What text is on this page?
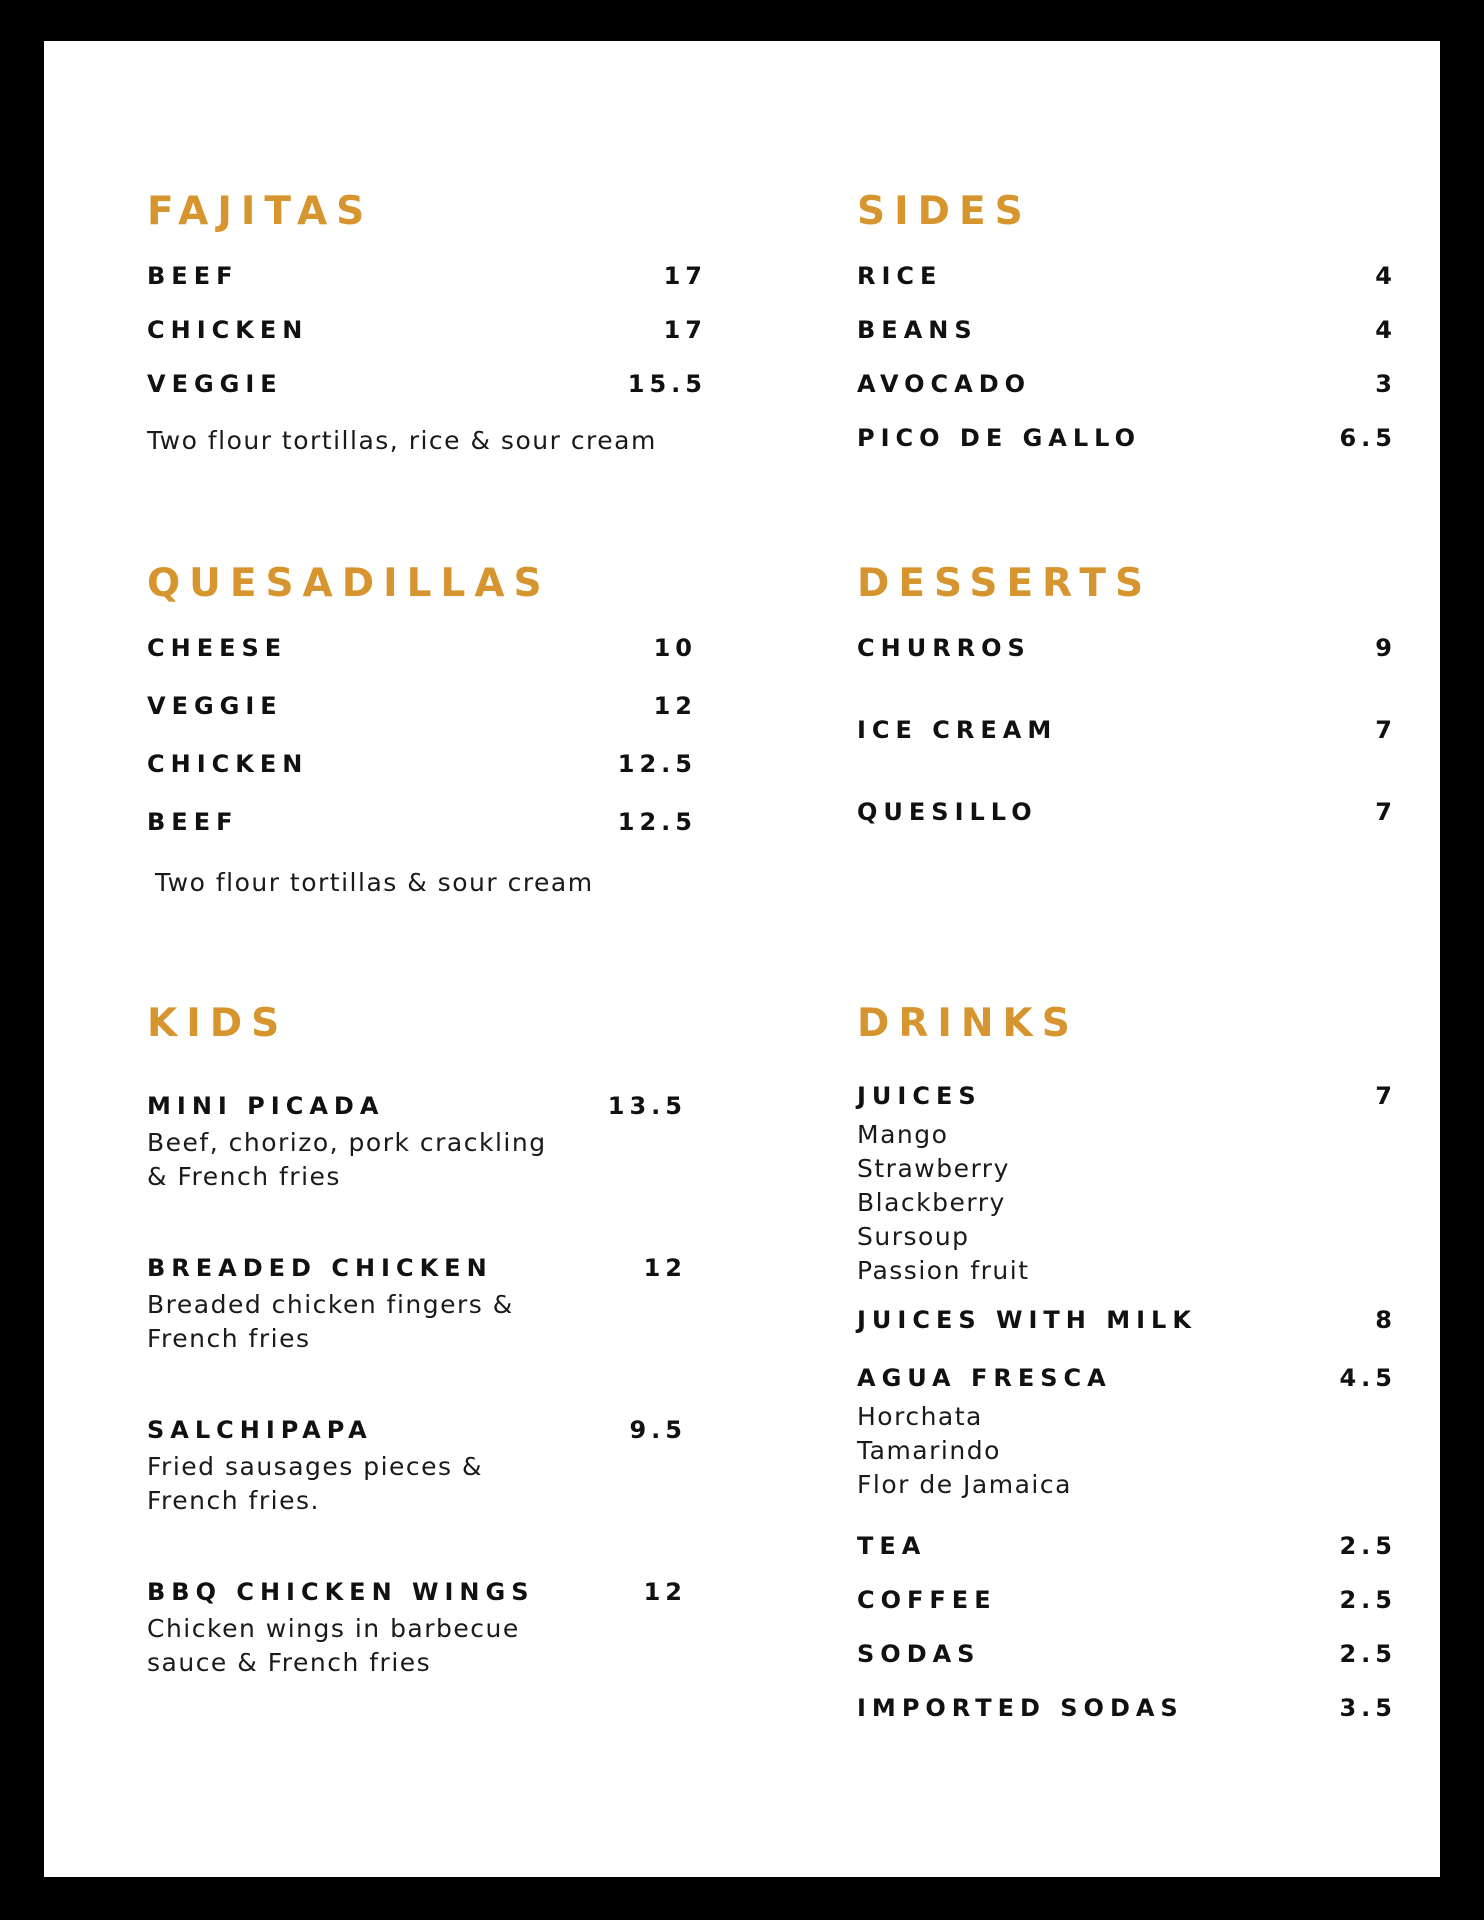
FAJITAS
BEEF	17
CHICKEN	17
VEGGIE	15.5
Two flour tortillas, rice & sour cream
SIDES
RICE	4
BEANS	4
AVOCADO	3
PICO DE GALLO	6.5
QUESADILLAS
CHEESE	10
VEGGIE	12
CHICKEN	12.5
BEEF	12.5
Two flour tortillas & sour cream
DESSERTS
CHURROS	9
ICE CREAM	7
QUESILLO	7
KIDS
MINI PICADA	13.5
Beef, chorizo, pork crackling & French fries
BREADED CHICKEN	12
Breaded chicken fingers & French fries
SALCHIPAPA	9.5
Fried sausages pieces & French fries.
BBQ CHICKEN WINGS	12
Chicken wings in barbecue sauce & French fries
DRINKS
JUICES	7
Mango
Strawberry
Blackberry
Sursoup
Passion fruit
JUICES WITH MILK	8
AGUA FRESCA	4.5
Horchata
Tamarindo
Flor de Jamaica
TEA	2.5
COFFEE	2.5
SODAS	2.5
IMPORTED SODAS	3.5
